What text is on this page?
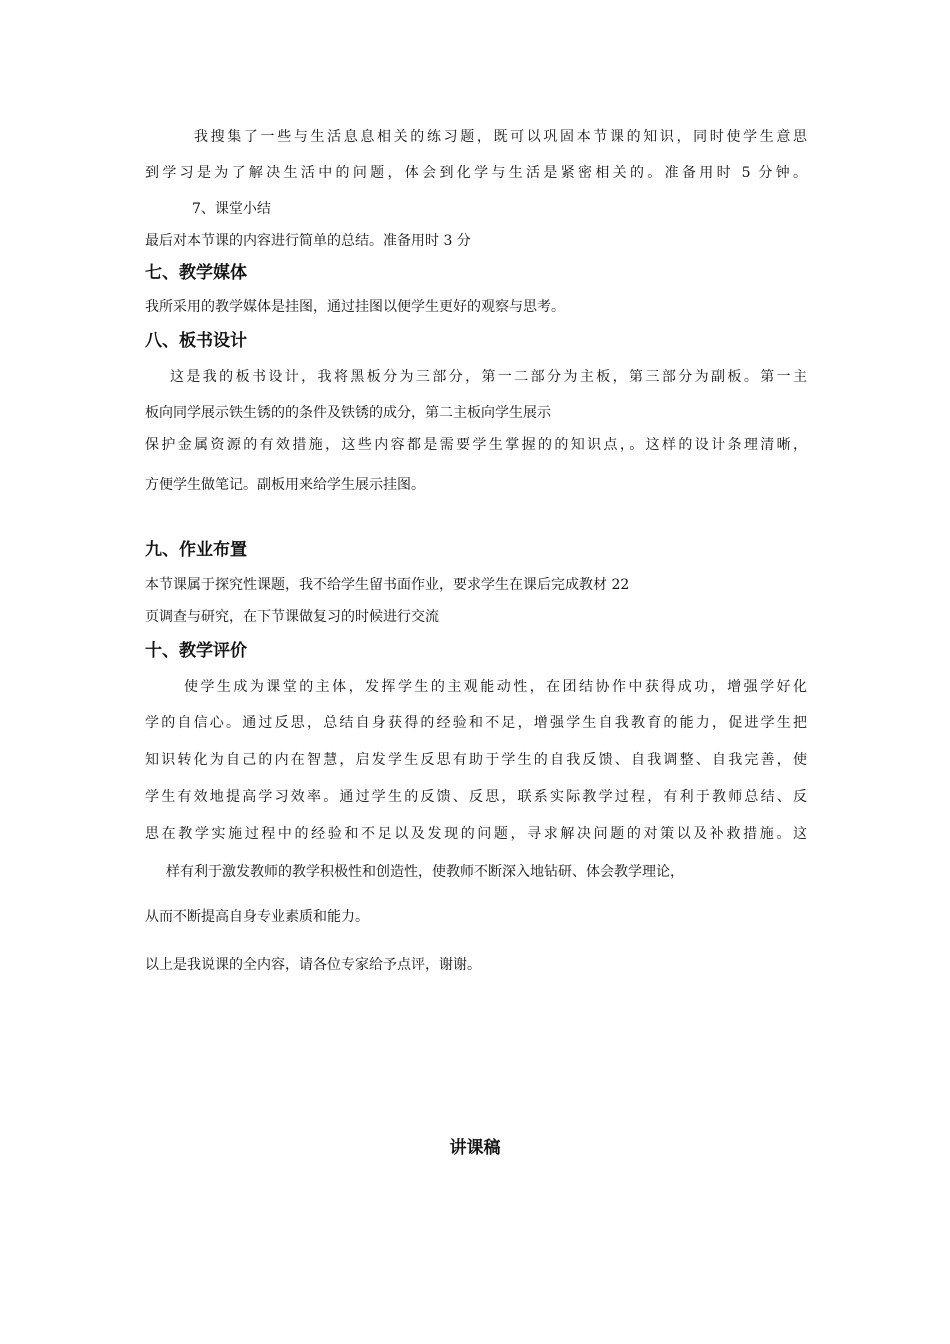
我搜集了一些与生活息息相关的练习题，既可以巩固本节课的知识，同时使学生意思
到学习是为了解决生活中的问题，体会到化学与生活是紧密相关的。准备用时 5 分钟。
7、课堂小结
最后对本节课的内容进行简单的总结。准备用时 3 分
七、教学媒体
我所采用的教学媒体是挂图，通过挂图以便学生更好的观察与思考。
八、板书设计
这是我的板书设计，我将黑板分为三部分，第一二部分为主板，第三部分为副板。第一主
板向同学展示铁生锈的的条件及铁锈的成分，第二主板向学生展示
保护金属资源的有效措施，这些内容都是需要学生掌握的的知识点，。这样的设计条理清晰，
方便学生做笔记。副板用来给学生展示挂图。
九、作业布置
本节课属于探究性课题，我不给学生留书面作业，要求学生在课后完成教材 22
页调查与研究，在下节课做复习的时候进行交流
十、教学评价
使学生成为课堂的主体，发挥学生的主观能动性，在团结协作中获得成功，增强学好化
学的自信心。通过反思，总结自身获得的经验和不足，增强学生自我教育的能力，促进学生把
知识转化为自己的内在智慧，启发学生反思有助于学生的自我反馈、自我调整、自我完善，使
学生有效地提高学习效率。通过学生的反馈、反思，联系实际教学过程，有利于教师总结、反
思在教学实施过程中的经验和不足以及发现的问题，寻求解决问题的对策以及补救措施。这
样有利于激发教师的教学积极性和创造性，使教师不断深入地钻研、体会教学理论，
从而不断提高自身专业素质和能力。
以上是我说课的全内容，请各位专家给予点评，谢谢。
讲课稿
